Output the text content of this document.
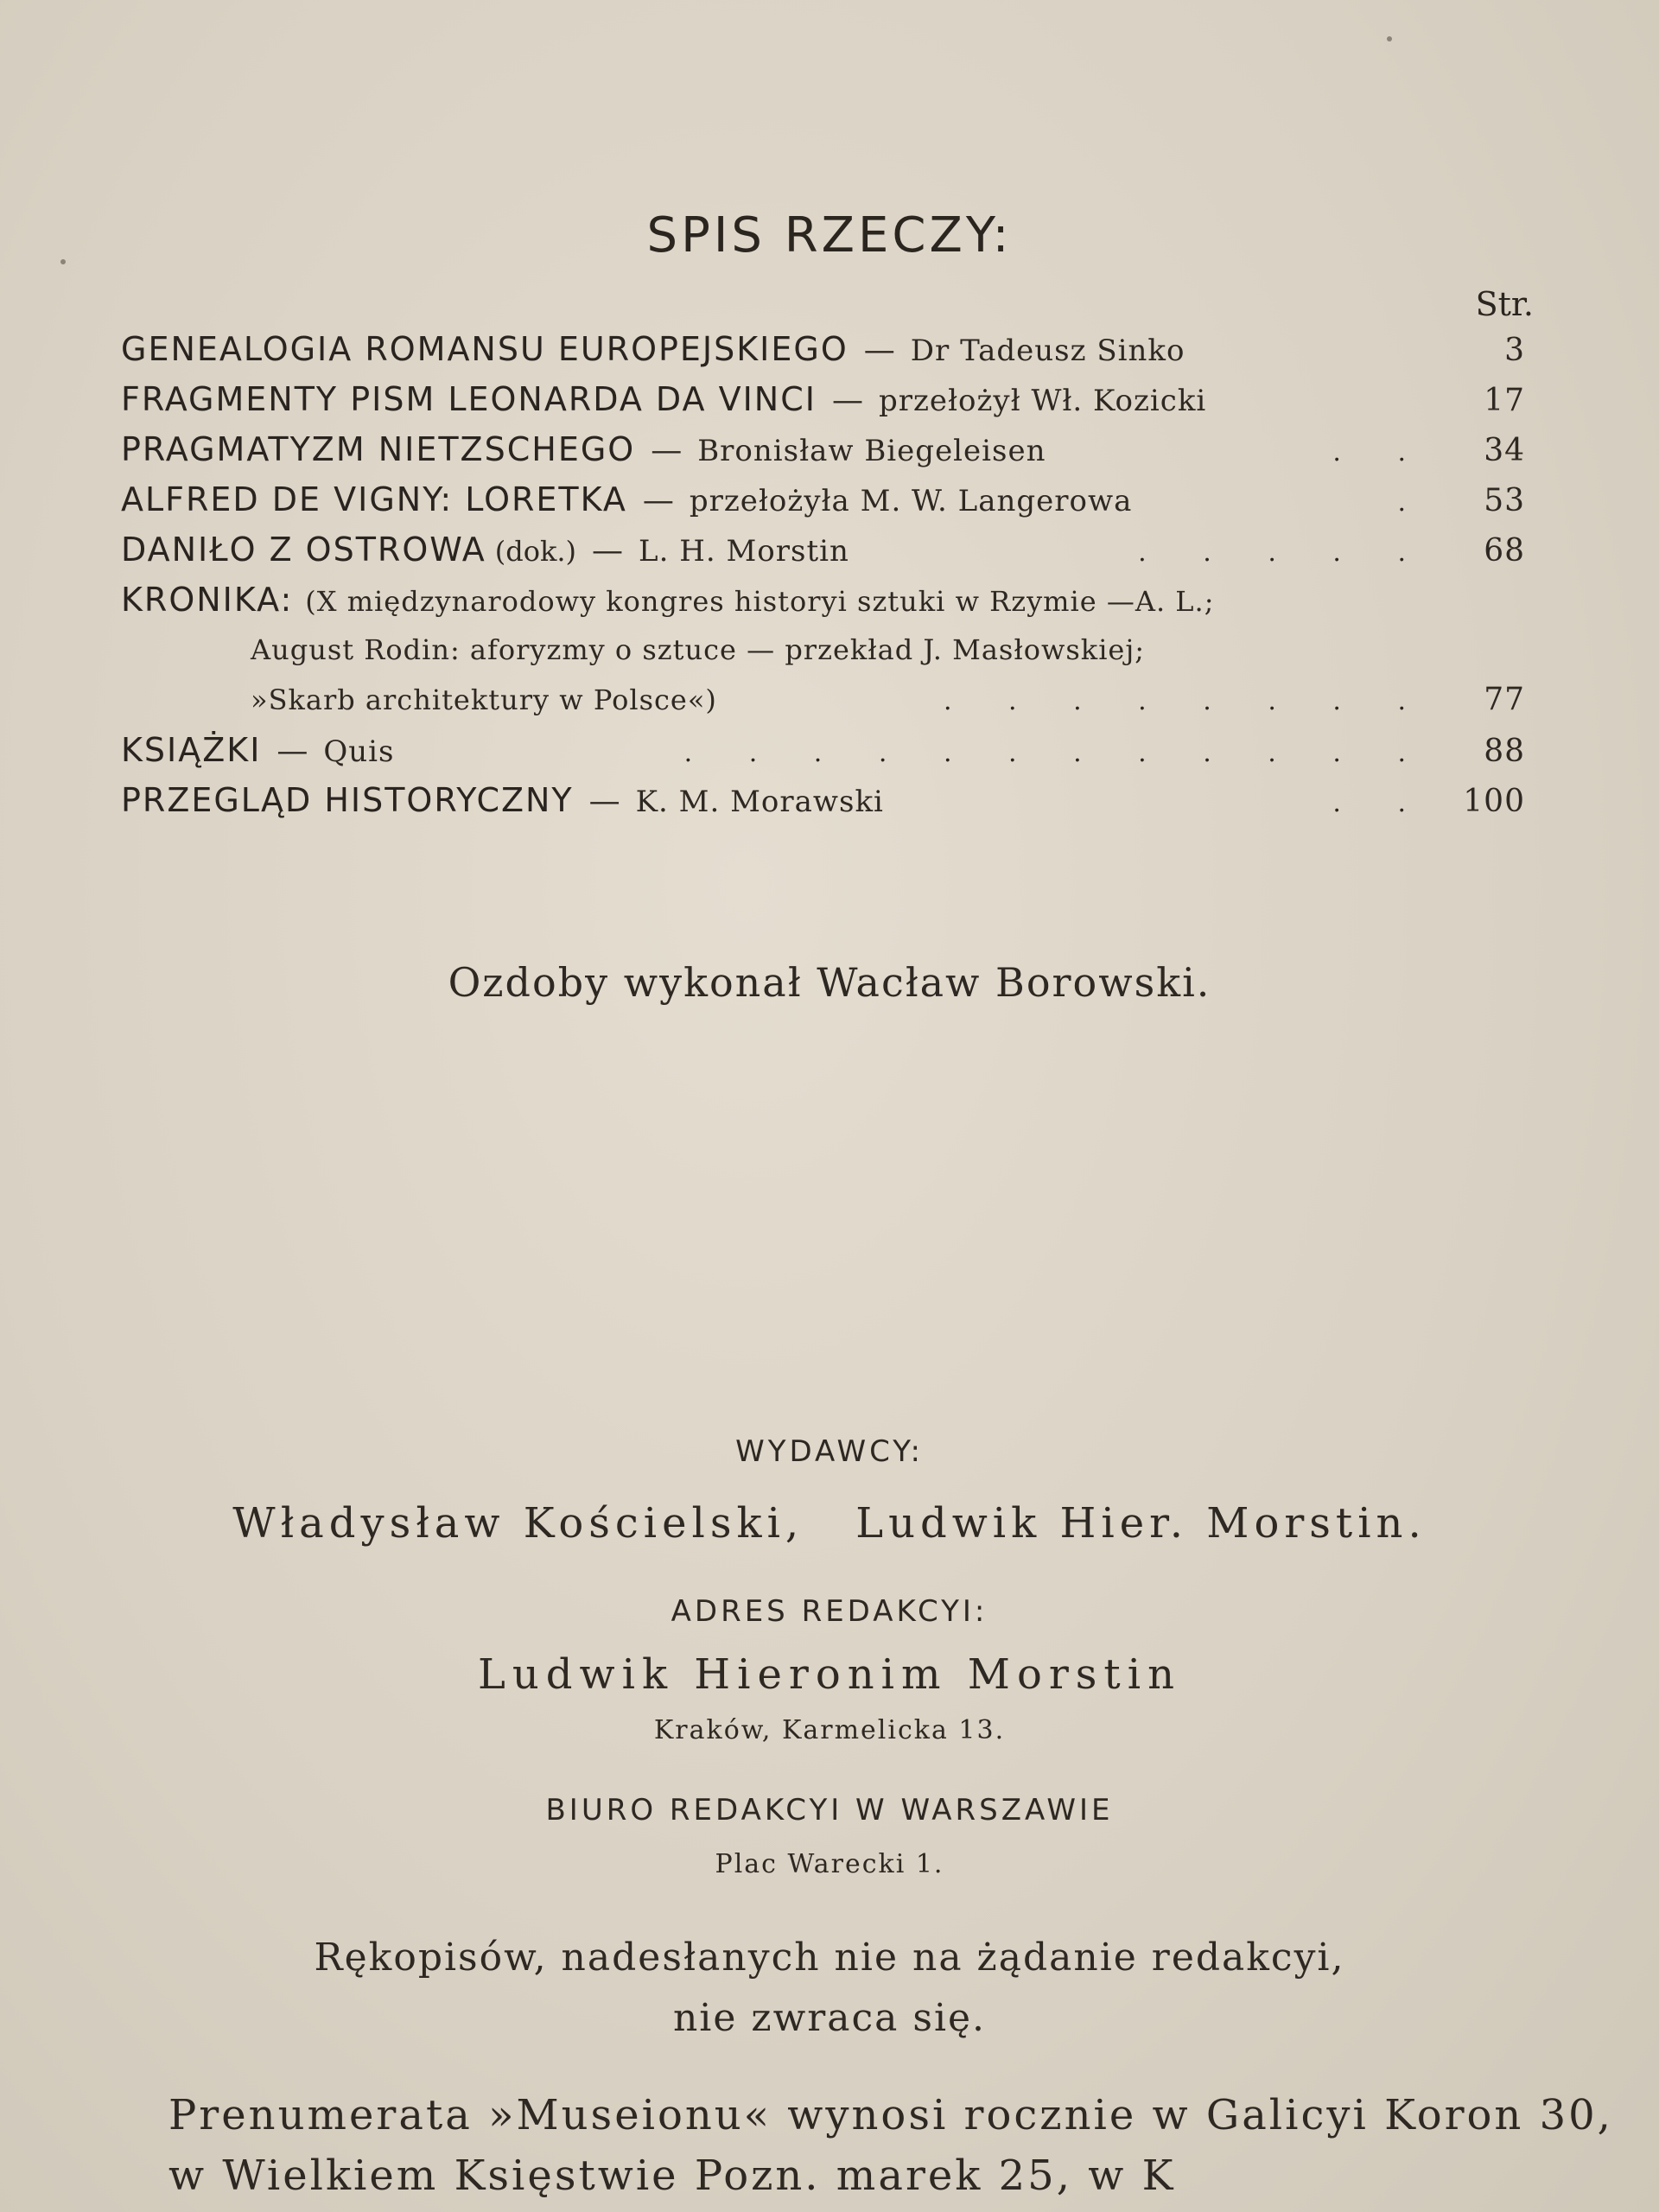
SPIS RZECZY:
Str.
GENEALOGIA ROMANSU EUROPEJSKIEGO — Dr Tadeusz Sinko	3
FRAGMENTY PISM LEONARDA DA VINCI — przełożył Wł. Kozicki	17
PRAGMATYZM NIETZSCHEGO — Bronisław Biegeleisen	. .	34
ALFRED DE VIGNY: LORETKA — przełożyła M. W. Langerowa	.	53
DANIŁO Z OSTROWA (dok.) — L. H. Morstin	. . . . .	68
KRONIKA: (X międzynarodowy kongres historyi sztuki w Rzymie —A. L.;
August Rodin: aforyzmy o sztuce — przekład J. Masłowskiej;
»Skarb architektury w Polsce«)	. . . . . . . .	77
KSIĄŻKI — Quis	. . . . . . . . . . . .	88
PRZEGLĄD HISTORYCZNY — K. M. Morawski	. .	100
Ozdoby wykonał Wacław Borowski.
WYDAWCY:
Władysław Kościelski, Ludwik Hier. Morstin.
ADRES REDAKCYI:
Ludwik Hieronim Morstin
Kraków, Karmelicka 13.
BIURO REDAKCYI W WARSZAWIE
Plac Warecki 1.
Rękopisów, nadesłanych nie na żądanie redakcyi,
nie zwraca się.
Prenumerata »Museionu« wynosi rocznie w Galicyi Koron 30,
w Wielkiem Księstwie Pozn. marek 25, w K
